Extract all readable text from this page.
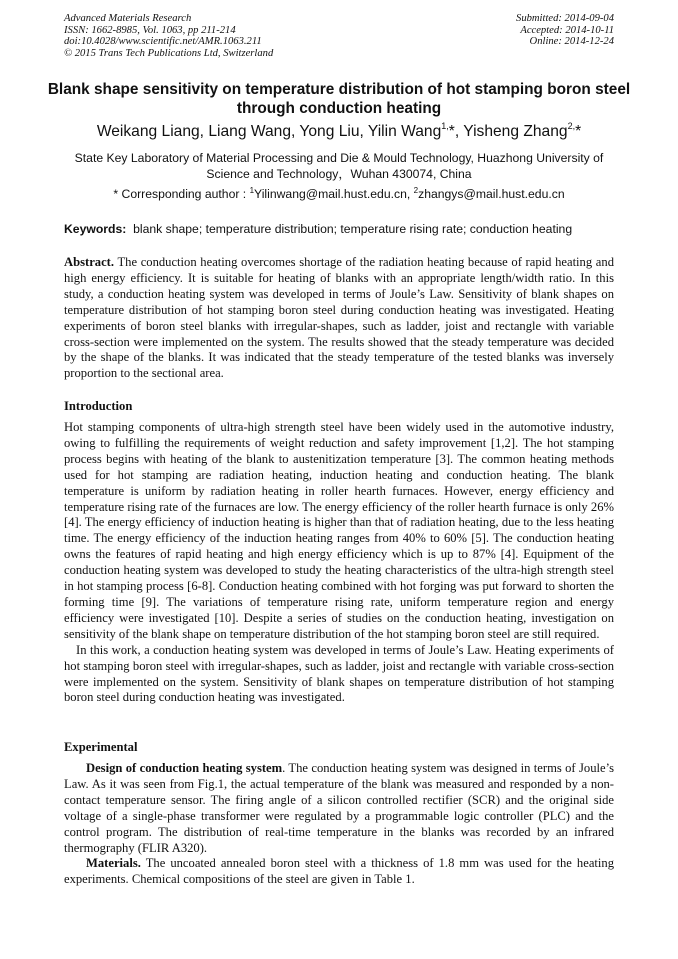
Advanced Materials Research
ISSN: 1662-8985, Vol. 1063, pp 211-214
doi:10.4028/www.scientific.net/AMR.1063.211
© 2015 Trans Tech Publications Ltd, Switzerland
Submitted: 2014-09-04
Accepted: 2014-10-11
Online: 2014-12-24
Blank shape sensitivity on temperature distribution of hot stamping boron steel through conduction heating
Weikang Liang, Liang Wang, Yong Liu, Yilin Wang$^{1,}$*, Yisheng Zhang$^{2,}$*
State Key Laboratory of Material Processing and Die & Mould Technology, Huazhong University of Science and Technology，Wuhan 430074, China
* Corresponding author : $^1$Yilinwang@mail.hust.edu.cn, $^2$zhangys@mail.hust.edu.cn
Keywords: blank shape; temperature distribution; temperature rising rate; conduction heating

Abstract. The conduction heating overcomes shortage of the radiation heating because of rapid heating and high energy efficiency. It is suitable for heating of blanks with an appropriate length/width ratio. In this study, a conduction heating system was developed in terms of Joule’s Law. Sensitivity of blank shapes on temperature distribution of hot stamping boron steel during conduction heating was investigated. Heating experiments of boron steel blanks with irregular-shapes, such as ladder, joist and rectangle with variable cross-section were implemented on the system. The results showed that the steady temperature was decided by the shape of the blanks. It was indicated that the steady temperature of the tested blanks was inversely proportion to the sectional area.

Introduction

Hot stamping components of ultra-high strength steel have been widely used in the automotive industry, owing to fulfilling the requirements of weight reduction and safety improvement [1,2]. The hot stamping process begins with heating of the blank to austenitization temperature [3]. The common heating methods used for hot stamping are radiation heating, induction heating and conduction heating. The blank temperature is uniform by radiation heating in roller hearth furnaces. However, energy efficiency and temperature rising rate of the furnaces are low. The energy efficiency of the roller hearth furnace is only 26% [4]. The energy efficiency of induction heating is higher than that of radiation heating, due to the less heating time. The energy efficiency of the induction heating ranges from 40% to 60% [5]. The conduction heating owns the features of rapid heating and high energy efficiency which is up to 87% [4]. Equipment of the conduction heating system was developed to study the heating characteristics of the ultra-high strength steel in hot stamping process [6-8]. Conduction heating combined with hot forging was put forward to shorten the forming time [9]. The variations of temperature rising rate, uniform temperature region and energy efficiency were investigated [10]. Despite a series of studies on the conduction heating, investigation on sensitivity of the blank shape on temperature distribution of the hot stamping boron steel are still required.

In this work, a conduction heating system was developed in terms of Joule’s Law. Heating experiments of hot stamping boron steel with irregular-shapes, such as ladder, joist and rectangle with variable cross-section were implemented on the system. Sensitivity of blank shapes on temperature distribution of hot stamping boron steel during conduction heating was investigated.

Experimental

Design of conduction heating system. The conduction heating system was designed in terms of Joule’s Law. As it was seen from Fig.1, the actual temperature of the blank was measured and responded by a non-contact temperature sensor. The firing angle of a silicon controlled rectifier (SCR) and the original side voltage of a single-phase transformer were regulated by a programmable logic controller (PLC) and the control program. The distribution of real-time temperature in the blanks was recorded by an infrared thermography (FLIR A320).

Materials. The uncoated annealed boron steel with a thickness of 1.8 mm was used for the heating experiments. Chemical compositions of the steel are given in Table 1.
